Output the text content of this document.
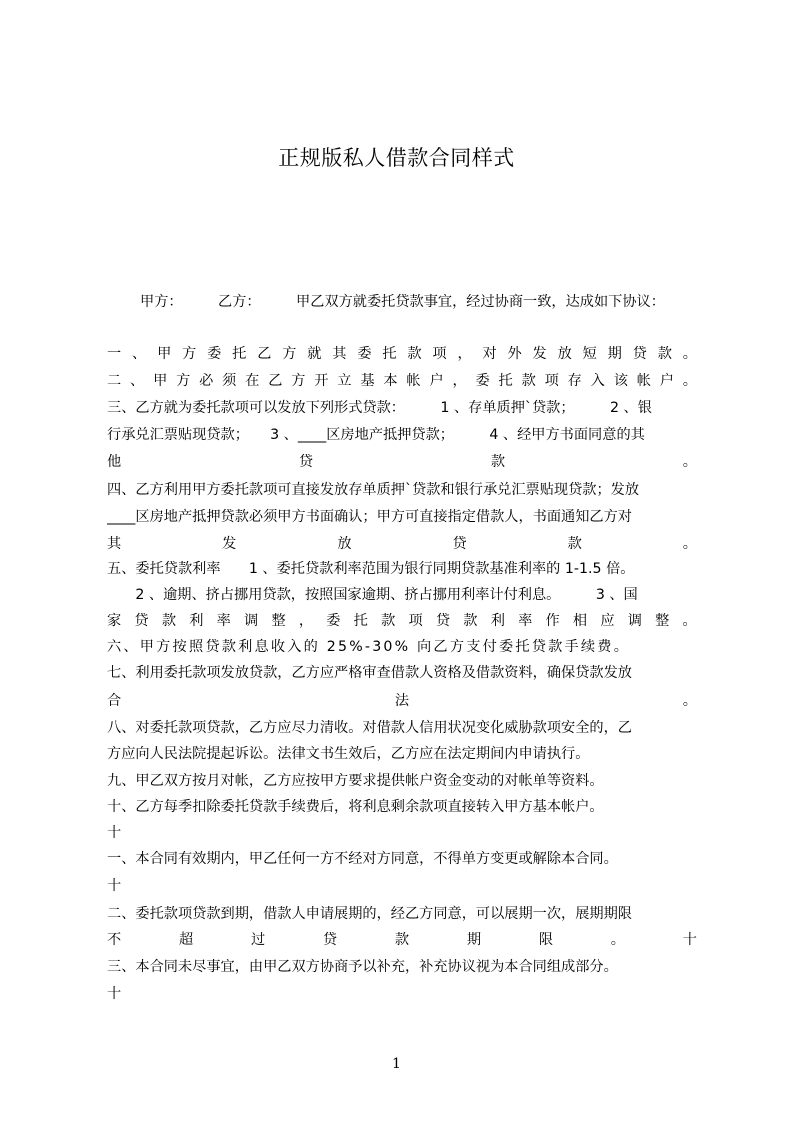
正规版私人借款合同样式
甲方：　　　乙方：　　　甲乙双方就委托贷款事宜，经过协商一致，达成如下协议：
一 、 甲 方 委 托 乙 方 就 其 委 托 款 项 ， 对 外 发 放 短 期 贷 款 。
二 、 甲 方 必 须 在 乙 方 开 立 基 本 帐 户 ， 委 托 款 项 存 入 该 帐 户 。
三、乙方就为委托款项可以发放下列形式贷款：　　　1 、存单质押`贷款；　　　2 、银
行承兑汇票贴现贷款；　　3 、____区房地产抵押贷款；　　　4 、经甲方书面同意的其
他	贷	款	。
四、乙方利用甲方委托款项可直接发放存单质押`贷款和银行承兑汇票贴现贷款；发放
____区房地产抵押贷款必须甲方书面确认；甲方可直接指定借款人，书面通知乙方对
其	发	放	贷	款	。
五、委托贷款利率　　1 、委托贷款利率范围为银行同期贷款基准利率的 1-1.5 倍。
　　2 、逾期、挤占挪用贷款，按照国家逾期、挤占挪用利率计付利息。　　　3 、国
家 贷 款 利 率 调 整 ， 委 托 款 项 贷 款 利 率 作 相 应 调 整 。
六、甲方按照贷款利息收入的 25%-30% 向乙方支付委托贷款手续费。
七、利用委托款项发放贷款，乙方应严格审查借款人资格及借款资料，确保贷款发放
合	法	。
八、对委托款项贷款，乙方应尽力清收。对借款人信用状况变化威胁款项安全的，乙
方应向人民法院提起诉讼。法律文书生效后，乙方应在法定期间内申请执行。
九、甲乙双方按月对帐，乙方应按甲方要求提供帐户资金变动的对帐单等资料。
十、乙方每季扣除委托贷款手续费后，将利息剩余款项直接转入甲方基本帐户。
十
一、本合同有效期内，甲乙任何一方不经对方同意，不得单方变更或解除本合同。
十
二、委托款项贷款到期，借款人申请展期的，经乙方同意，可以展期一次，展期期限
不	超	过	贷	款	期	限	。	十
三、本合同未尽事宜，由甲乙双方协商予以补充，补充协议视为本合同组成部分。
十
1
